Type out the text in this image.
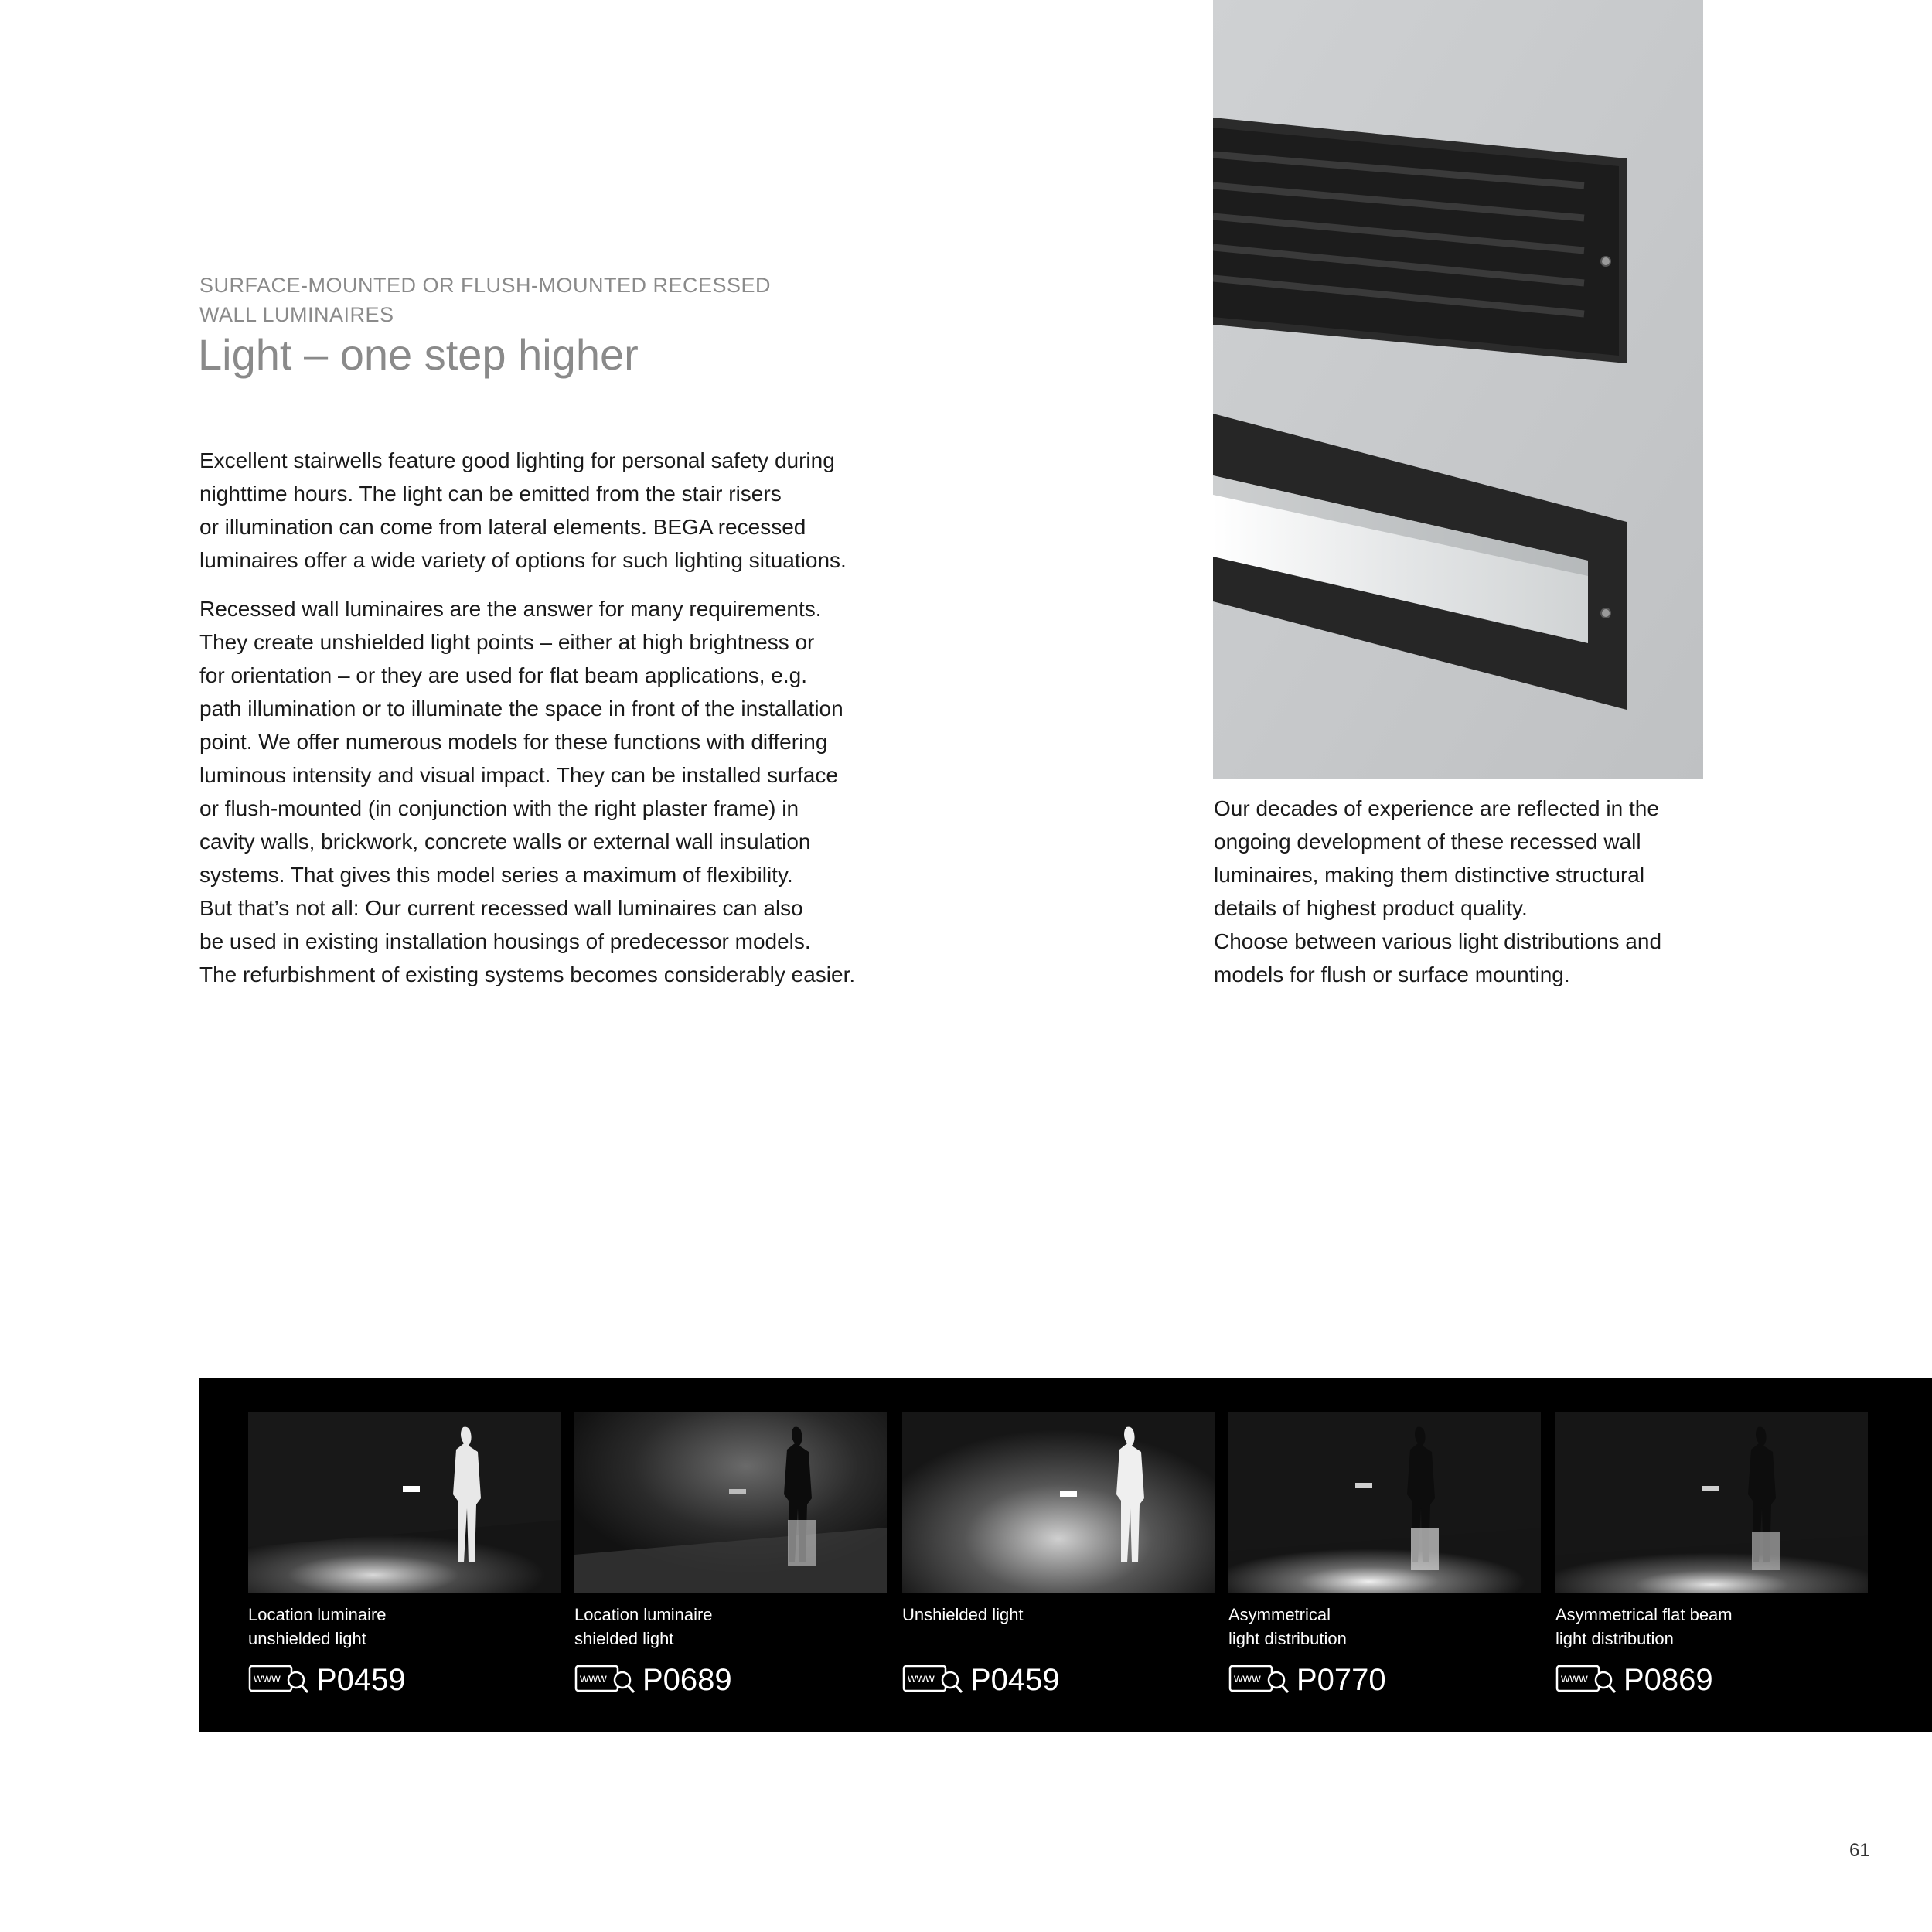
SURFACE-MOUNTED OR FLUSH-MOUNTED RECESSED
WALL LUMINAIRES
Light – one step higher

Excellent stairwells feature good lighting for personal safety during
nighttime hours. The light can be emitted from the stair risers
or illumination can come from lateral elements. BEGA recessed
luminaires offer a wide variety of options for such lighting situations.

Recessed wall luminaires are the answer for many requirements.
They create unshielded light points – either at high brightness or
for orientation – or they are used for flat beam applications, e.g.
path illumination or to illuminate the space in front of the installation
point. We offer numerous models for these functions with differing
luminous intensity and visual impact. They can be installed surface
or flush-mounted (in conjunction with the right plaster frame) in
cavity walls, brickwork, concrete walls or external wall insulation
systems. That gives this model series a maximum of flexibility.
But that’s not all: Our current recessed wall luminaires can also
be used in existing installation housings of predecessor models.
The refurbishment of existing systems becomes considerably easier.

Our decades of experience are reflected in the
ongoing development of these recessed wall
luminaires, making them distinctive structural
details of highest product quality.
Choose between various light distributions and
models for flush or surface mounting.
Location luminaire
unshielded light
www P0459
Location luminaire
shielded light
www P0689
Unshielded light
www P0459
Asymmetrical
light distribution
www P0770
Asymmetrical flat beam
light distribution
www P0869
61
